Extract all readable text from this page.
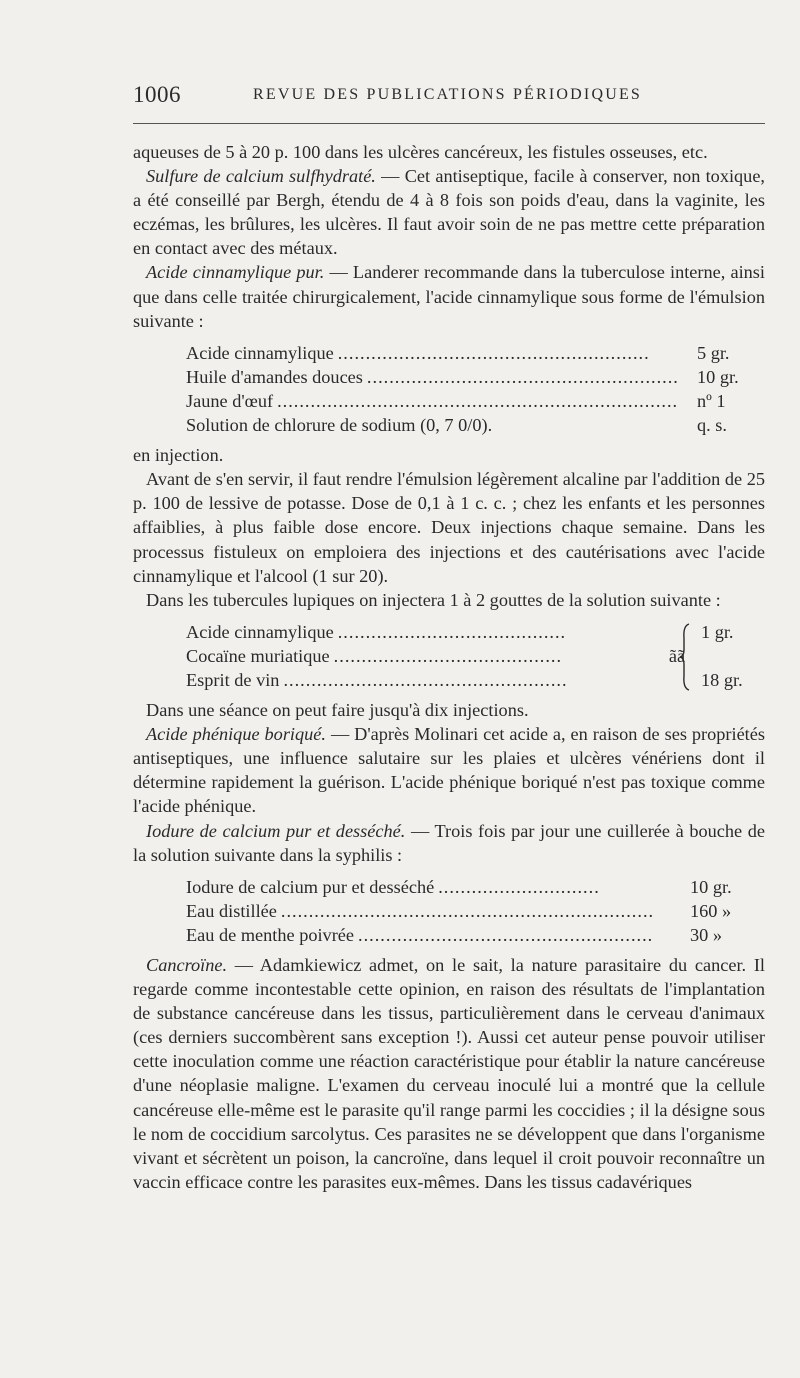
1006	REVUE DES PUBLICATIONS PÉRIODIQUES

aqueuses de 5 à 20 p. 100 dans les ulcères cancéreux, les fistules osseuses, etc.

Sulfure de calcium sulfhydraté. — Cet antiseptique, facile à conserver, non toxique, a été conseillé par Bergh, étendu de 4 à 8 fois son poids d'eau, dans la vaginite, les eczémas, les brûlures, les ulcères. Il faut avoir soin de ne pas mettre cette préparation en contact avec des métaux.

Acide cinnamylique pur. — Landerer recommande dans la tuberculose interne, ainsi que dans celle traitée chirurgicalement, l'acide cinnamylique sous forme de l'émulsion suivante :

Acide cinnamylique ........................................................	5 gr.
Huile d'amandes douces ........................................................ 10 gr.
Jaune d'œuf ........................................................................	nº 1
Solution de chlorure de sodium (0, 7 0/0).	q. s.

en injection.

Avant de s'en servir, il faut rendre l'émulsion légèrement alcaline par l'addition de 25 p. 100 de lessive de potasse. Dose de 0,1 à 1 c. c. ; chez les enfants et les personnes affaiblies, à plus faible dose encore. Deux injections chaque semaine. Dans les processus fistuleux on emploiera des injections et des cautérisations avec l'acide cinnamylique et l'alcool (1 sur 20).

Dans les tubercules lupiques on injectera 1 à 2 gouttes de la solution suivante :

Acide cinnamylique .........................................	1 gr.
Cocaïne muriatique .........................................	ãã
Esprit de vin ...................................................	18 gr.

Dans une séance on peut faire jusqu'à dix injections.

Acide phénique boriqué. — D'après Molinari cet acide a, en raison de ses propriétés antiseptiques, une influence salutaire sur les plaies et ulcères vénériens dont il détermine rapidement la guérison. L'acide phénique boriqué n'est pas toxique comme l'acide phénique.

Iodure de calcium pur et desséché. — Trois fois par jour une cuillerée à bouche de la solution suivante dans la syphilis :

Iodure de calcium pur et desséché .............................	10 gr.
Eau distillée ...................................................................	160 »
Eau de menthe poivrée .....................................................	30 »

Cancroïne. — Adamkiewicz admet, on le sait, la nature parasitaire du cancer. Il regarde comme incontestable cette opinion, en raison des résultats de l'implantation de substance cancéreuse dans les tissus, particulièrement dans le cerveau d'animaux (ces derniers succombèrent sans exception !). Aussi cet auteur pense pouvoir utiliser cette inoculation comme une réaction caractéristique pour établir la nature cancéreuse d'une néoplasie maligne. L'examen du cerveau inoculé lui a montré que la cellule cancéreuse elle-même est le parasite qu'il range parmi les coccidies ; il la désigne sous le nom de coccidium sarcolytus. Ces parasites ne se développent que dans l'organisme vivant et sécrètent un poison, la cancroïne, dans lequel il croit pouvoir reconnaître un vaccin efficace contre les parasites eux-mêmes. Dans les tissus cadavériques
